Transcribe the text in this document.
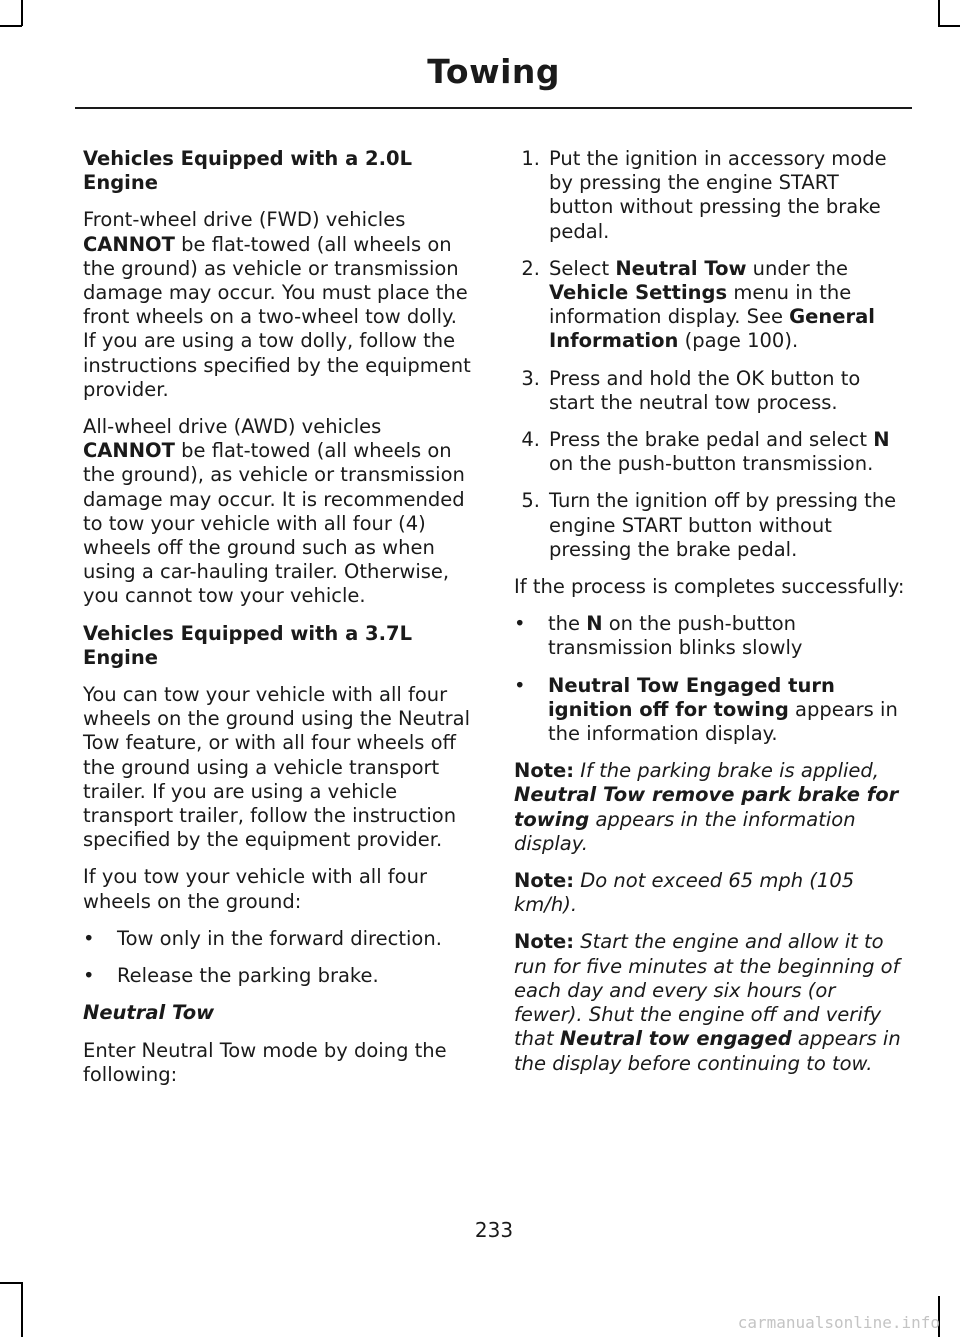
Towing

Vehicles Equipped with a 2.0L Engine

Front-wheel drive (FWD) vehicles CANNOT be flat-towed (all wheels on the ground) as vehicle or transmission damage may occur. You must place the front wheels on a two-wheel tow dolly. If you are using a tow dolly, follow the instructions specified by the equipment provider.

All-wheel drive (AWD) vehicles CANNOT be flat-towed (all wheels on the ground), as vehicle or transmission damage may occur. It is recommended to tow your vehicle with all four (4) wheels off the ground such as when using a car-hauling trailer. Otherwise, you cannot tow your vehicle.

Vehicles Equipped with a 3.7L Engine

You can tow your vehicle with all four wheels on the ground using the Neutral Tow feature, or with all four wheels off the ground using a vehicle transport trailer. If you are using a vehicle transport trailer, follow the instruction specified by the equipment provider.

If you tow your vehicle with all four wheels on the ground:

• Tow only in the forward direction.
• Release the parking brake.

Neutral Tow

Enter Neutral Tow mode by doing the following:

1. Put the ignition in accessory mode by pressing the engine START button without pressing the brake pedal.
2. Select Neutral Tow under the Vehicle Settings menu in the information display. See General Information (page 100).
3. Press and hold the OK button to start the neutral tow process.
4. Press the brake pedal and select N on the push-button transmission.
5. Turn the ignition off by pressing the engine START button without pressing the brake pedal.

If the process is completes successfully:

• the N on the push-button transmission blinks slowly
• Neutral Tow Engaged turn ignition off for towing appears in the information display.

Note: If the parking brake is applied, Neutral Tow remove park brake for towing appears in the information display.

Note: Do not exceed 65 mph (105 km/h).

Note: Start the engine and allow it to run for five minutes at the beginning of each day and every six hours (or fewer). Shut the engine off and verify that Neutral tow engaged appears in the display before continuing to tow.

233
carmanualsonline.info
